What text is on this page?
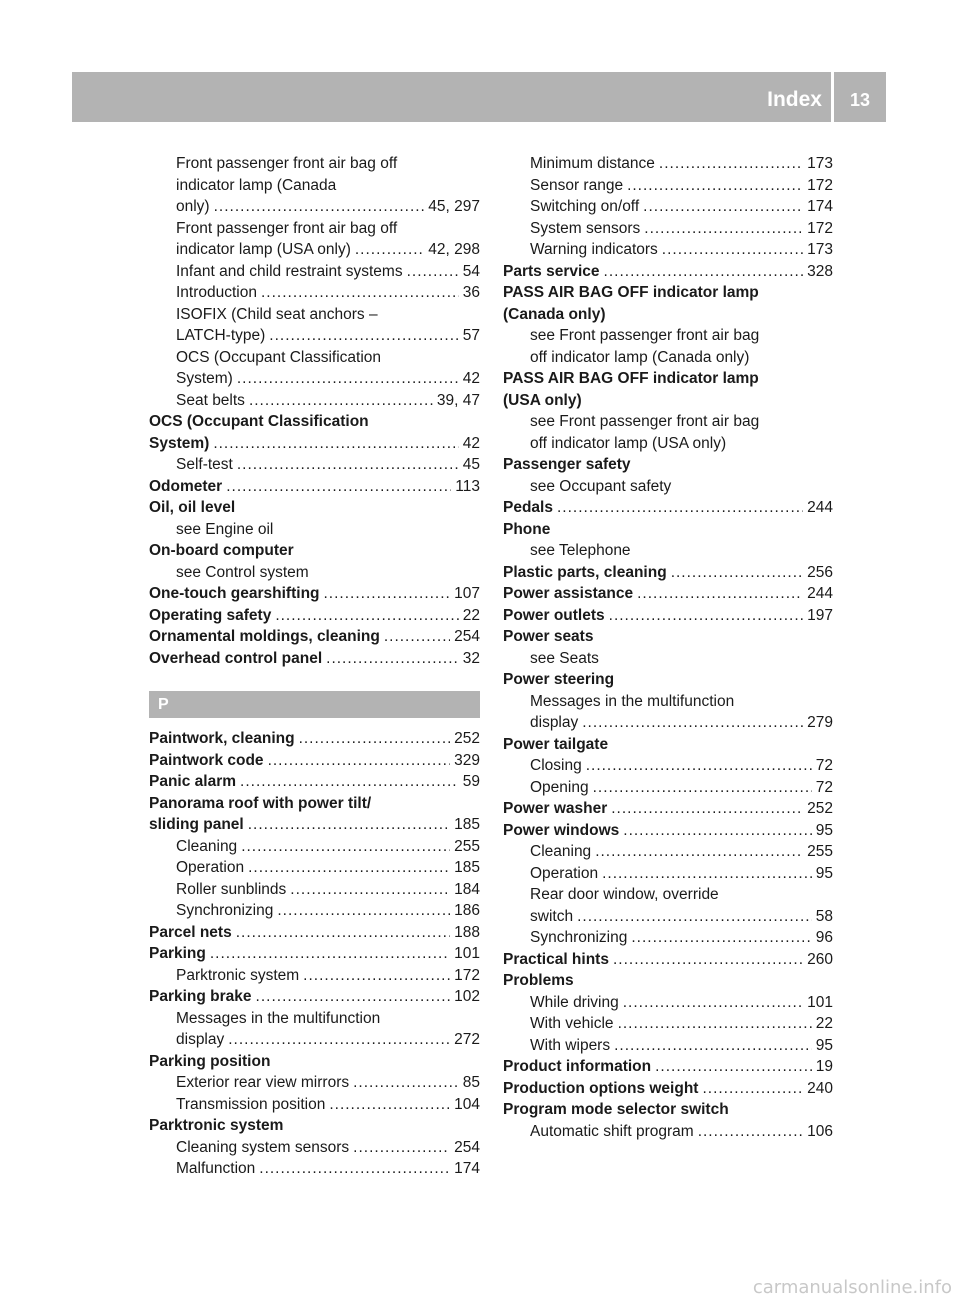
Index	13
Front passenger front air bag off
indicator lamp (Canada
only) .....	45, 297
Front passenger front air bag off
indicator lamp (USA only) .....	42, 298
Infant and child restraint systems .....	54
Introduction .....	36
ISOFIX (Child seat anchors –
LATCH-type) .....	57
OCS (Occupant Classification
System) .....	42
Seat belts .....	39, 47
OCS (Occupant Classification
System) .....	42
Self-test .....	45
Odometer .....	113
Oil, oil level
see Engine oil
On-board computer
see Control system
One-touch gearshifting .....	107
Operating safety .....	22
Ornamental moldings, cleaning .....	254
Overhead control panel .....	32
P
Paintwork, cleaning .....	252
Paintwork code .....	329
Panic alarm .....	59
Panorama roof with power tilt/
sliding panel .....	185
Cleaning .....	255
Operation .....	185
Roller sunblinds .....	184
Synchronizing .....	186
Parcel nets .....	188
Parking .....	101
Parktronic system .....	172
Parking brake .....	102
Messages in the multifunction
display .....	272
Parking position
Exterior rear view mirrors .....	85
Transmission position .....	104
Parktronic system
Cleaning system sensors .....	254
Malfunction .....	174
Minimum distance .....	173
Sensor range .....	172
Switching on/off .....	174
System sensors .....	172
Warning indicators .....	173
Parts service .....	328
PASS AIR BAG OFF indicator lamp
(Canada only)
see Front passenger front air bag
off indicator lamp (Canada only)
PASS AIR BAG OFF indicator lamp
(USA only)
see Front passenger front air bag
off indicator lamp (USA only)
Passenger safety
see Occupant safety
Pedals .....	244
Phone
see Telephone
Plastic parts, cleaning .....	256
Power assistance .....	244
Power outlets .....	197
Power seats
see Seats
Power steering
Messages in the multifunction
display .....	279
Power tailgate
Closing .....	72
Opening .....	72
Power washer .....	252
Power windows .....	95
Cleaning .....	255
Operation .....	95
Rear door window, override
switch .....	58
Synchronizing .....	96
Practical hints .....	260
Problems
While driving .....	101
With vehicle .....	22
With wipers .....	95
Product information .....	19
Production options weight .....	240
Program mode selector switch
Automatic shift program .....	106
carmanualsonline.info
